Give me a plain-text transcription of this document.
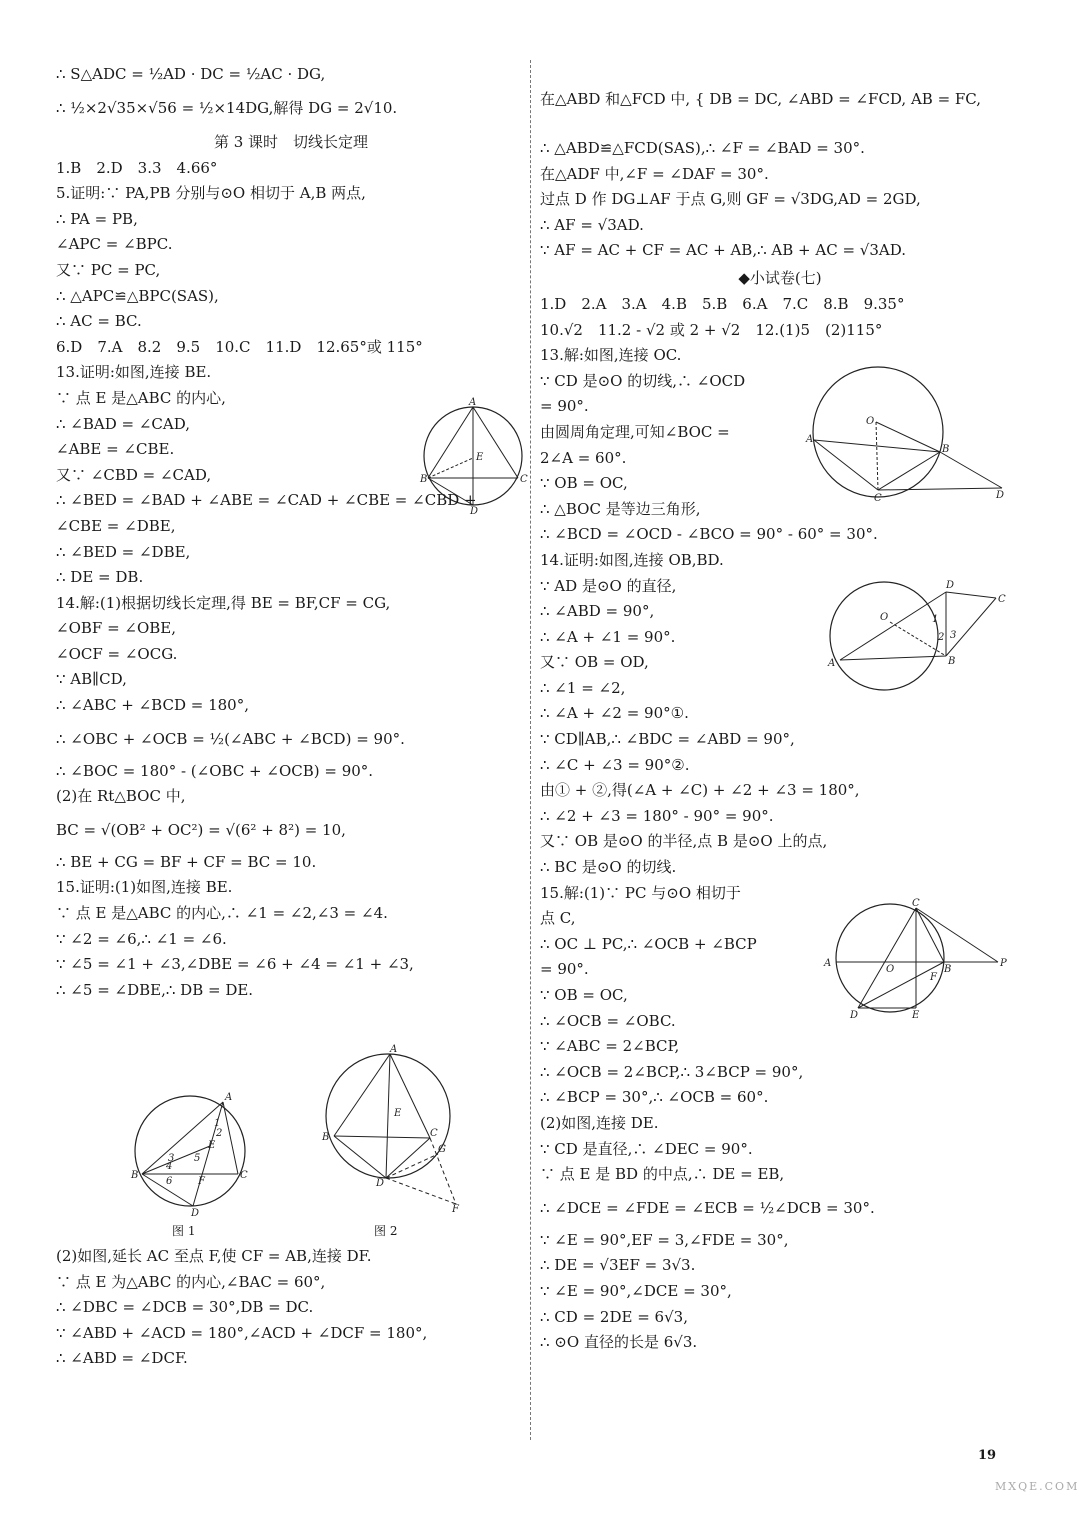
∴ S△ADC = ½AD · DC = ½AC · DG,
∴ ½×2√35×√56 = ½×14DG,解得 DG = 2√10.
第 3 课时　切线长定理
1.B　2.D　3.3　4.66°
5.证明:∵ PA,PB 分别与⊙O 相切于 A,B 两点,
∴ PA = PB,
∠APC = ∠BPC.
又∵ PC = PC,
∴ △APC≌△BPC(SAS),
∴ AC = BC.
6.D　7.A　8.2　9.5　10.C　11.D　12.65°或 115°
13.证明:如图,连接 BE.
∵ 点 E 是△ABC 的内心,
∴ ∠BAD = ∠CAD,
∠ABE = ∠CBE.
又∵ ∠CBD = ∠CAD,
∴ ∠BED = ∠BAD + ∠ABE = ∠CAD + ∠CBE = ∠CBD +
∠CBE = ∠DBE,
∴ ∠BED = ∠DBE,
∴ DE = DB.
14.解:(1)根据切线长定理,得 BE = BF,CF = CG,
∠OBF = ∠OBE,
∠OCF = ∠OCG.
∵ AB∥CD,
∴ ∠ABC + ∠BCD = 180°,
∴ ∠OBC + ∠OCB = ½(∠ABC + ∠BCD) = 90°.
∴ ∠BOC = 180° - (∠OBC + ∠OCB) = 90°.
(2)在 Rt△BOC 中,
BC = √(OB² + OC²) = √(6² + 8²) = 10,
∴ BE + CG = BF + CF = BC = 10.
15.证明:(1)如图,连接 BE.
∵ 点 E 是△ABC 的内心,∴ ∠1 = ∠2,∠3 = ∠4.
∵ ∠2 = ∠6,∴ ∠1 = ∠6.
∵ ∠5 = ∠1 + ∠3,∠DBE = ∠6 + ∠4 = ∠1 + ∠3,
∴ ∠5 = ∠DBE,∴ DB = DE.
A
B	C
D
E
A
B	C
D
E
F
1
2
3
4
5
6
图 1
A
B	C
D
E
F
G
图 2
(2)如图,延长 AC 至点 F,使 CF = AB,连接 DF.
∵ 点 E 为△ABC 的内心,∠BAC = 60°,
∴ ∠DBC = ∠DCB = 30°,DB = DC.
∵ ∠ABD + ∠ACD = 180°,∠ACD + ∠DCF = 180°,
∴ ∠ABD = ∠DCF.
在△ABD 和△FCD 中, { DB = DC, ∠ABD = ∠FCD, AB = FC,
∴ △ABD≌△FCD(SAS),∴ ∠F = ∠BAD = 30°.
在△ADF 中,∠F = ∠DAF = 30°.
过点 D 作 DG⊥AF 于点 G,则 GF = √3DG,AD = 2GD,
∴ AF = √3AD.
∵ AF = AC + CF = AC + AB,∴ AB + AC = √3AD.
◆小试卷(七)
1.D　2.A　3.A　4.B　5.B　6.A　7.C　8.B　9.35°
10.√2　11.2 - √2 或 2 + √2　12.(1)5　(2)115°
13.解:如图,连接 OC.
∵ CD 是⊙O 的切线,∴ ∠OCD
= 90°.
由圆周角定理,可知∠BOC =
2∠A = 60°.
∵ OB = OC,
∴ △BOC 是等边三角形,
∴ ∠BCD = ∠OCD - ∠BCO = 90° - 60° = 30°.
14.证明:如图,连接 OB,BD.
∵ AD 是⊙O 的直径,
∴ ∠ABD = 90°,
∴ ∠A + ∠1 = 90°.
又∵ OB = OD,
∴ ∠1 = ∠2,
∴ ∠A + ∠2 = 90°①.
∵ CD∥AB,∴ ∠BDC = ∠ABD = 90°,
∴ ∠C + ∠3 = 90°②.
由① + ②,得(∠A + ∠C) + ∠2 + ∠3 = 180°,
∴ ∠2 + ∠3 = 180° - 90° = 90°.
又∵ OB 是⊙O 的半径,点 B 是⊙O 上的点,
∴ BC 是⊙O 的切线.
15.解:(1)∵ PC 与⊙O 相切于
点 C,
∴ OC ⊥ PC,∴ ∠OCB + ∠BCP
= 90°.
∵ OB = OC,
∴ ∠OCB = ∠OBC.
∵ ∠ABC = 2∠BCP,
∴ ∠OCB = 2∠BCP,∴ 3∠BCP = 90°,
∴ ∠BCP = 30°,∴ ∠OCB = 60°.
(2)如图,连接 DE.
∵ CD 是直径,∴ ∠DEC = 90°.
∵ 点 E 是 BD 的中点,∴ DE = EB,
∴ ∠DCE = ∠FDE = ∠ECB = ½∠DCB = 30°.
∵ ∠E = 90°,EF = 3,∠FDE = 30°,
∴ DE = √3EF = 3√3.
∵ ∠E = 90°,∠DCE = 30°,
∴ CD = 2DE = 6√3,
∴ ⊙O 直径的长是 6√3.
O
A
B
C	D
O
A	B
C
D
1
2 3
A
O	B
P
C
D	E
F
19
MXQE.COM
